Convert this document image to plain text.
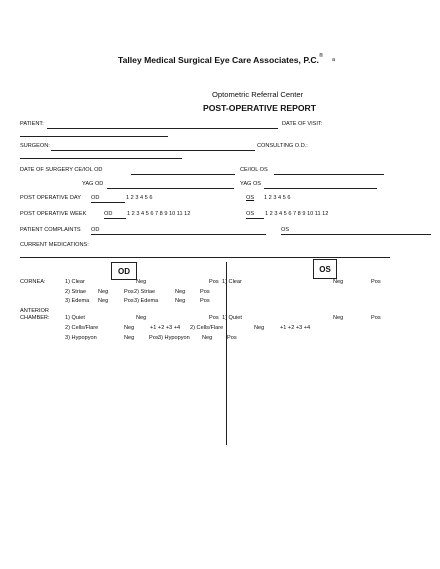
Talley Medical Surgical Eye Care Associates, P.C. ®
a
Optometric Referral Center
POST-OPERATIVE REPORT
PATIENT:	DATE OF VISIT:
SURGEON:	CONSULTING O.D.:
DATE OF SURGERY CE/IOL OD	CE/IOL OS
YAG OD	YAG OS
POST OPERATIVE DAY OD	1 2 3 4 5 6	OS 1 2 3 4 5 6
POST OPERATIVE WEEK	OD	1 2 3 4 5 6 7 8 9 10 11 12	OS 1 2 3 4 5 6 7 8 9 10 11 12
PATIENT COMPLAINTS OD	OS
CURRENT MEDICATIONS:
OD	OS
CORNEA:	1) Clear	Neg	Pos 1) Clear	Neg	Pos
2) Striae Neg	Pos 2) Striae	Neg	Pos
3) Edema Neg	Pos 3) Edema	Neg	Pos
ANTERIOR
CHAMBER:	1) Quiet	Neg	Pos 1) Quiet	Neg	Pos
2) Cells/Flare	Neg	+1 +2 +3 +4 2) Cells/Flare	Neg	+1 +2 +3 +4
3) Hypopyon	Neg	Pos 3) Hypopyon Neg	Pos
